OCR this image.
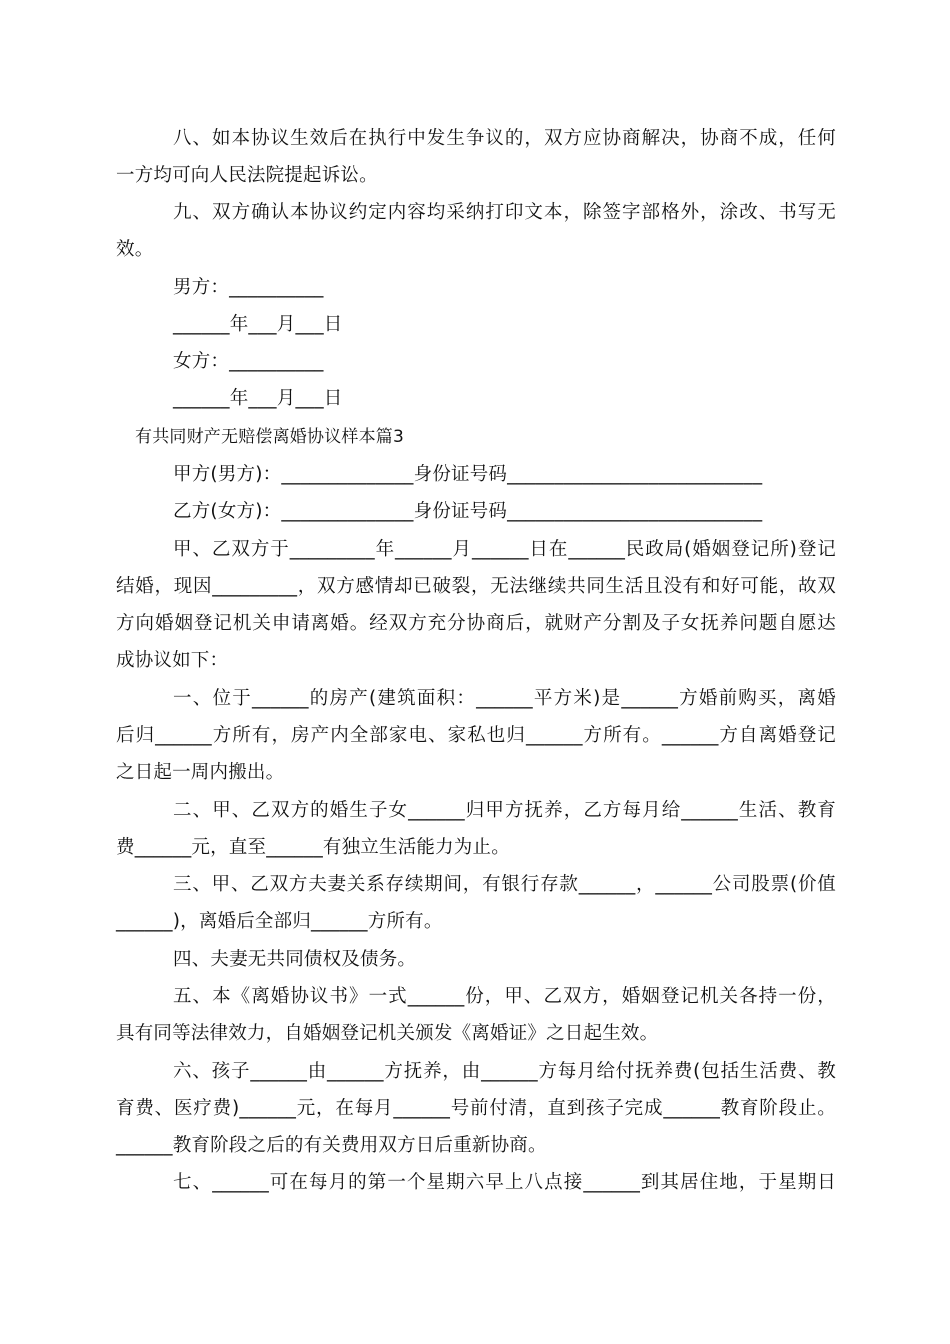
八、如本协议生效后在执行中发生争议的，双方应协商解决，协商不成，任何
一方均可向人民法院提起诉讼。
九、双方确认本协议约定内容均采纳打印文本，除签字部格外，涂改、书写无
效。
男方：__________
______年___月___日
女方：__________
______年___月___日
有共同财产无赔偿离婚协议样本篇3
甲方(男方)：______________身份证号码___________________________
乙方(女方)：______________身份证号码___________________________
甲、乙双方于_________年______月______日在______民政局(婚姻登记所)登记
结婚，现因_________，双方感情却已破裂，无法继续共同生活且没有和好可能，故双
方向婚姻登记机关申请离婚。经双方充分协商后，就财产分割及子女抚养问题自愿达
成协议如下：
一、位于______的房产(建筑面积：______平方米)是______方婚前购买，离婚
后归______方所有，房产内全部家电、家私也归______方所有。______方自离婚登记
之日起一周内搬出。
二、甲、乙双方的婚生子女______归甲方抚养，乙方每月给______生活、教育
费______元，直至______有独立生活能力为止。
三、甲、乙双方夫妻关系存续期间，有银行存款______，______公司股票(价值
______)，离婚后全部归______方所有。
四、夫妻无共同债权及债务。
五、本《离婚协议书》一式______份，甲、乙双方，婚姻登记机关各持一份，
具有同等法律效力，自婚姻登记机关颁发《离婚证》之日起生效。
六、孩子______由______方抚养，由______方每月给付抚养费(包括生活费、教
育费、医疗费)______元，在每月______号前付清，直到孩子完成______教育阶段止。
______教育阶段之后的有关费用双方日后重新协商。
七、______可在每月的第一个星期六早上八点接______到其居住地，于星期日
